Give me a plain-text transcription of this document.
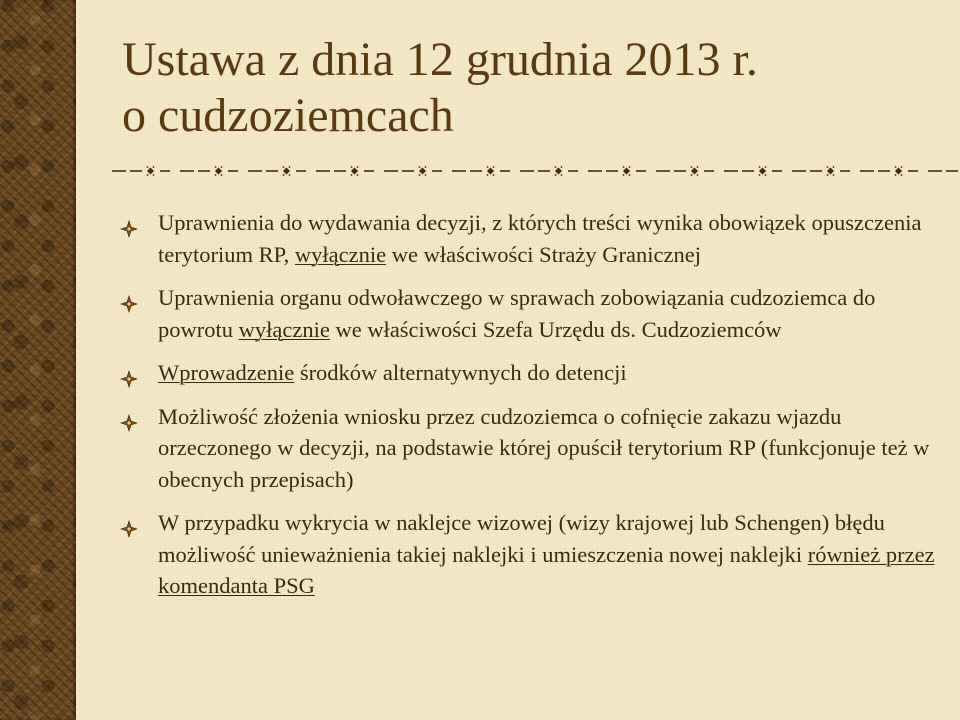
Ustawa z dnia 12 grudnia 2013 r.
o cudzoziemcach
Uprawnienia do wydawania decyzji, z których treści wynika obowiązek opuszczenia terytorium RP, wyłącznie we właściwości Straży Granicznej
Uprawnienia organu odwoławczego w sprawach zobowiązania cudzoziemca do powrotu wyłącznie we właściwości Szefa Urzędu ds. Cudzoziemców
Wprowadzenie środków alternatywnych do detencji
Możliwość złożenia wniosku przez cudzoziemca o cofnięcie zakazu wjazdu orzeczonego w decyzji, na podstawie której opuścił terytorium RP (funkcjonuje też w obecnych przepisach)
W przypadku wykrycia w naklejce wizowej (wizy krajowej lub Schengen) błędu możliwość unieważnienia takiej naklejki i umieszczenia nowej naklejki również przez komendanta PSG
